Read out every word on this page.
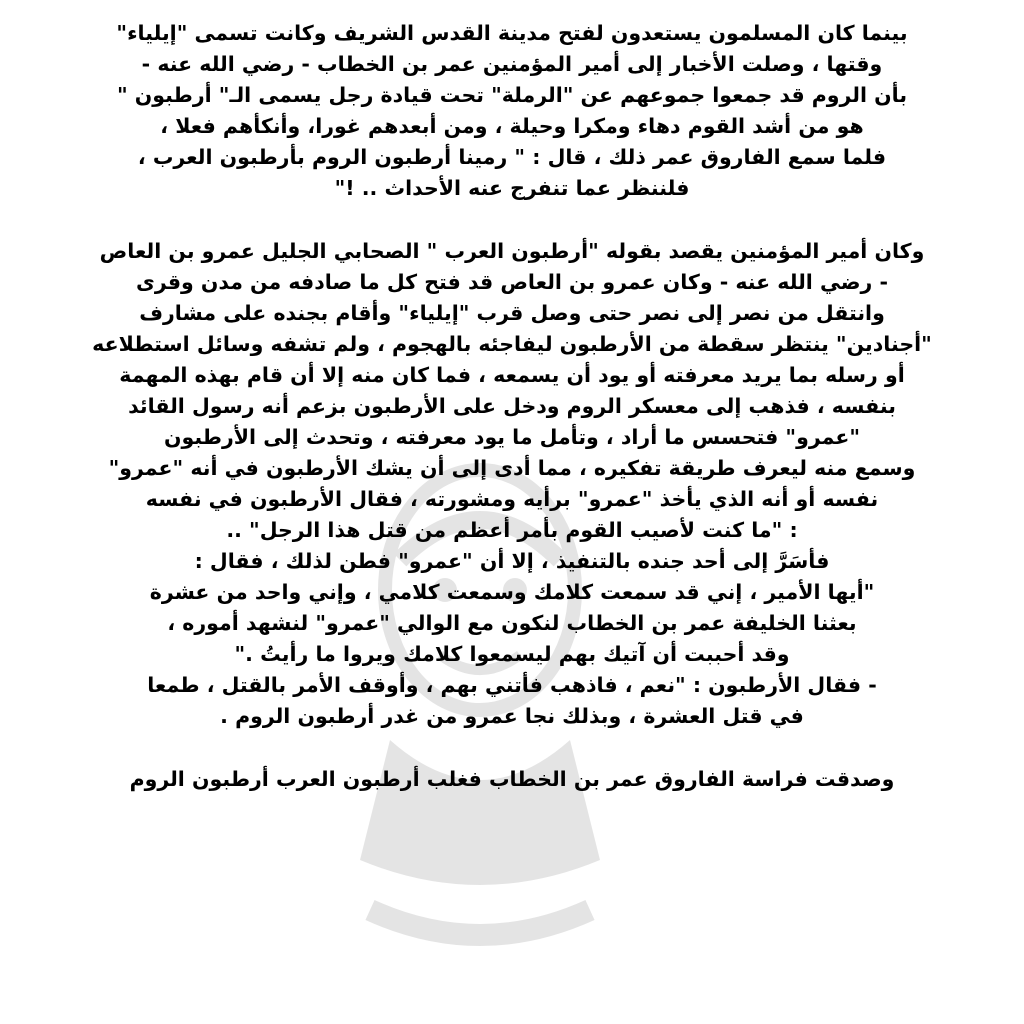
بينما كان المسلمون يستعدون لفتح مدينة القدس الشريف وكانت تسمى "إيلياء"
وقتها ، وصلت الأخبار إلى أمير المؤمنين عمر بن الخطاب - رضي الله عنه -
بأن الروم قد جمعوا جموعهم عن "الرملة" تحت قيادة رجل يسمى الـ" أرطبون "
هو من أشد القوم دهاء ومكرا وحيلة ، ومن أبعدهم غورا، وأنكأهم فعلا ،
فلما سمع الفاروق عمر ذلك ، قال : " رمينا أرطبون الروم بأرطبون العرب ،
فلننظر عما تنفرج عنه الأحداث .. !"
وكان أمير المؤمنين يقصد بقوله "أرطبون العرب " الصحابي الجليل عمرو بن العاص
- رضي الله عنه - وكان عمرو بن العاص قد فتح كل ما صادفه من مدن وقرى
وانتقل من نصر إلى نصر حتى وصل قرب "إيلياء" وأقام بجنده على مشارف
"أجنادين" ينتظر سقطة من الأرطبون ليفاجئه بالهجوم ، ولم تشفه وسائل استطلاعه
أو رسله بما يريد معرفته أو يود أن يسمعه ، فما كان منه إلا أن قام بهذه المهمة
بنفسه ، فذهب إلى معسكر الروم ودخل على الأرطبون بزعم أنه رسول القائد
"عمرو" فتحسس ما أراد ، وتأمل ما يود معرفته ، وتحدث إلى الأرطبون
وسمع منه ليعرف طريقة تفكيره ، مما أدى إلى أن يشك الأرطبون في أنه "عمرو"
نفسه أو أنه الذي يأخذ "عمرو" برأيه ومشورته ، فقال الأرطبون في نفسه
: "ما كنت لأصيب القوم بأمر أعظم من قتل هذا الرجل" ..
فأسَرَّ إلى أحد جنده بالتنفيذ ، إلا أن "عمرو" فطن لذلك ، فقال :
"أيها الأمير ، إني قد سمعت كلامك وسمعت كلامي ، وإني واحد من عشرة
بعثنا الخليفة عمر بن الخطاب لنكون مع الوالي "عمرو" لنشهد أموره ،
وقد أحببت أن آتيك بهم ليسمعوا كلامك ويروا ما رأيتُ ."
- فقال الأرطبون : "نعم ، فاذهب فأتني بهم ، وأوقف الأمر بالقتل ، طمعا
في قتل العشرة ، وبذلك نجا عمرو من غدر أرطبون الروم .
وصدقت فراسة الفاروق عمر بن الخطاب فغلب أرطبون العرب أرطبون الروم
